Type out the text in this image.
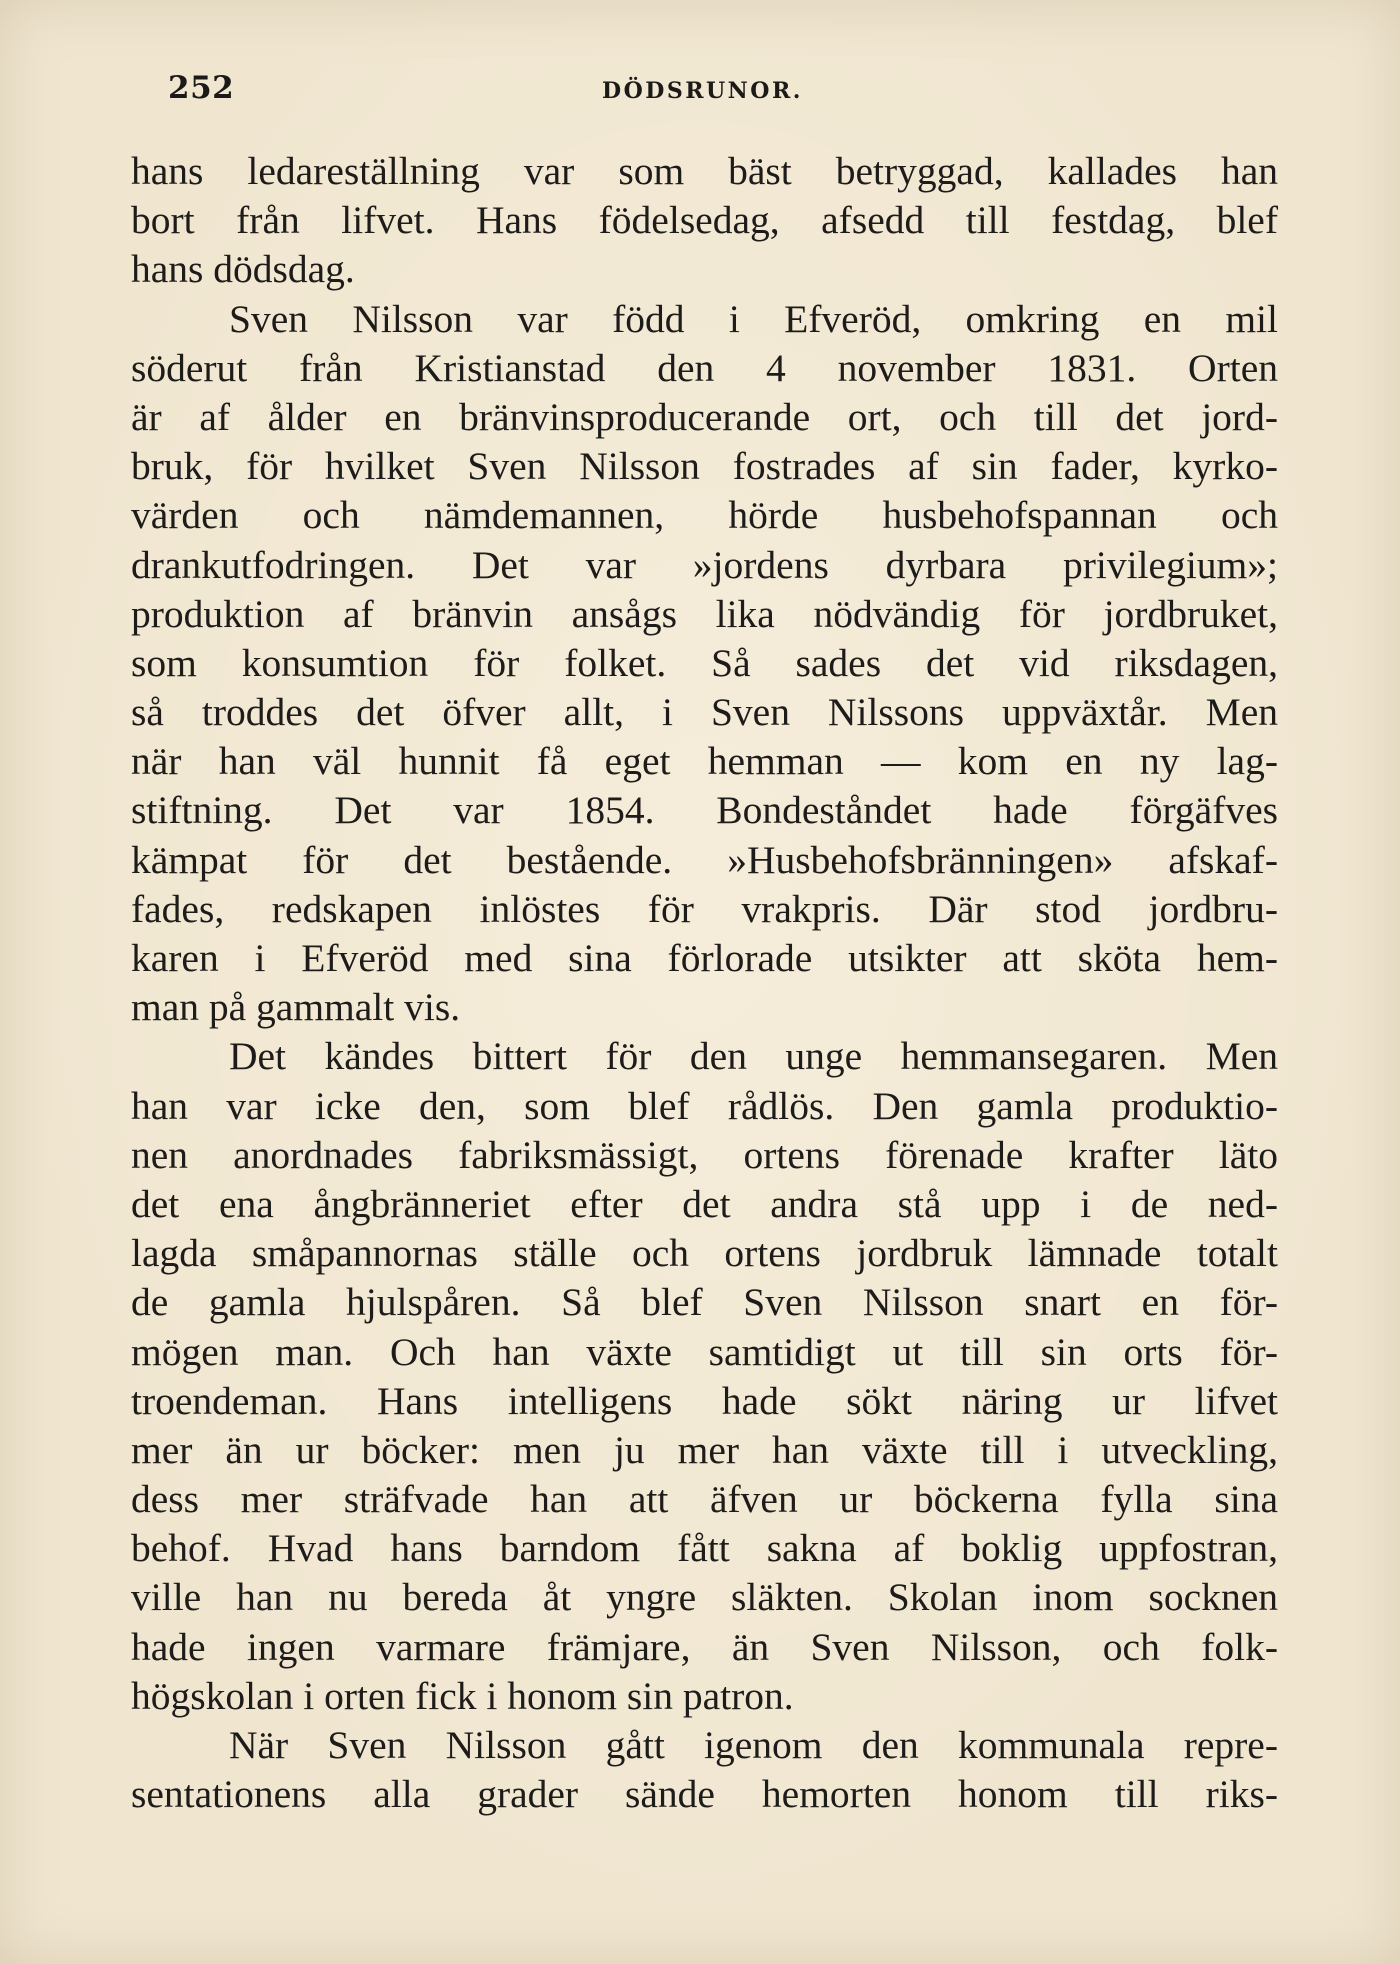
252	DÖDSRUNOR.
hans ledareställning var som bäst betryggad, kallades han
bort från lifvet. Hans födelsedag, afsedd till festdag, blef
hans dödsdag.
Sven Nilsson var född i Efveröd, omkring en mil
söderut från Kristianstad den 4 november 1831. Orten
är af ålder en bränvinsproducerande ort, och till det jord-
bruk, för hvilket Sven Nilsson fostrades af sin fader, kyrko-
värden och nämdemannen, hörde husbehofspannan och
drankutfodringen. Det var »jordens dyrbara privilegium»;
produktion af bränvin ansågs lika nödvändig för jordbruket,
som konsumtion för folket. Så sades det vid riksdagen,
så troddes det öfver allt, i Sven Nilssons uppväxtår. Men
när han väl hunnit få eget hemman — kom en ny lag-
stiftning. Det var 1854. Bondeståndet hade förgäfves
kämpat för det bestående. »Husbehofsbränningen» afskaf-
fades, redskapen inlöstes för vrakpris. Där stod jordbru-
karen i Efveröd med sina förlorade utsikter att sköta hem-
man på gammalt vis.
Det kändes bittert för den unge hemmansegaren. Men
han var icke den, som blef rådlös. Den gamla produktio-
nen anordnades fabriksmässigt, ortens förenade krafter läto
det ena ångbränneriet efter det andra stå upp i de ned-
lagda småpannornas ställe och ortens jordbruk lämnade totalt
de gamla hjulspåren. Så blef Sven Nilsson snart en för-
mögen man. Och han växte samtidigt ut till sin orts för-
troendeman. Hans intelligens hade sökt näring ur lifvet
mer än ur böcker: men ju mer han växte till i utveckling,
dess mer sträfvade han att äfven ur böckerna fylla sina
behof. Hvad hans barndom fått sakna af boklig uppfostran,
ville han nu bereda åt yngre släkten. Skolan inom socknen
hade ingen varmare främjare, än Sven Nilsson, och folk-
högskolan i orten fick i honom sin patron.
När Sven Nilsson gått igenom den kommunala repre-
sentationens alla grader sände hemorten honom till riks-
